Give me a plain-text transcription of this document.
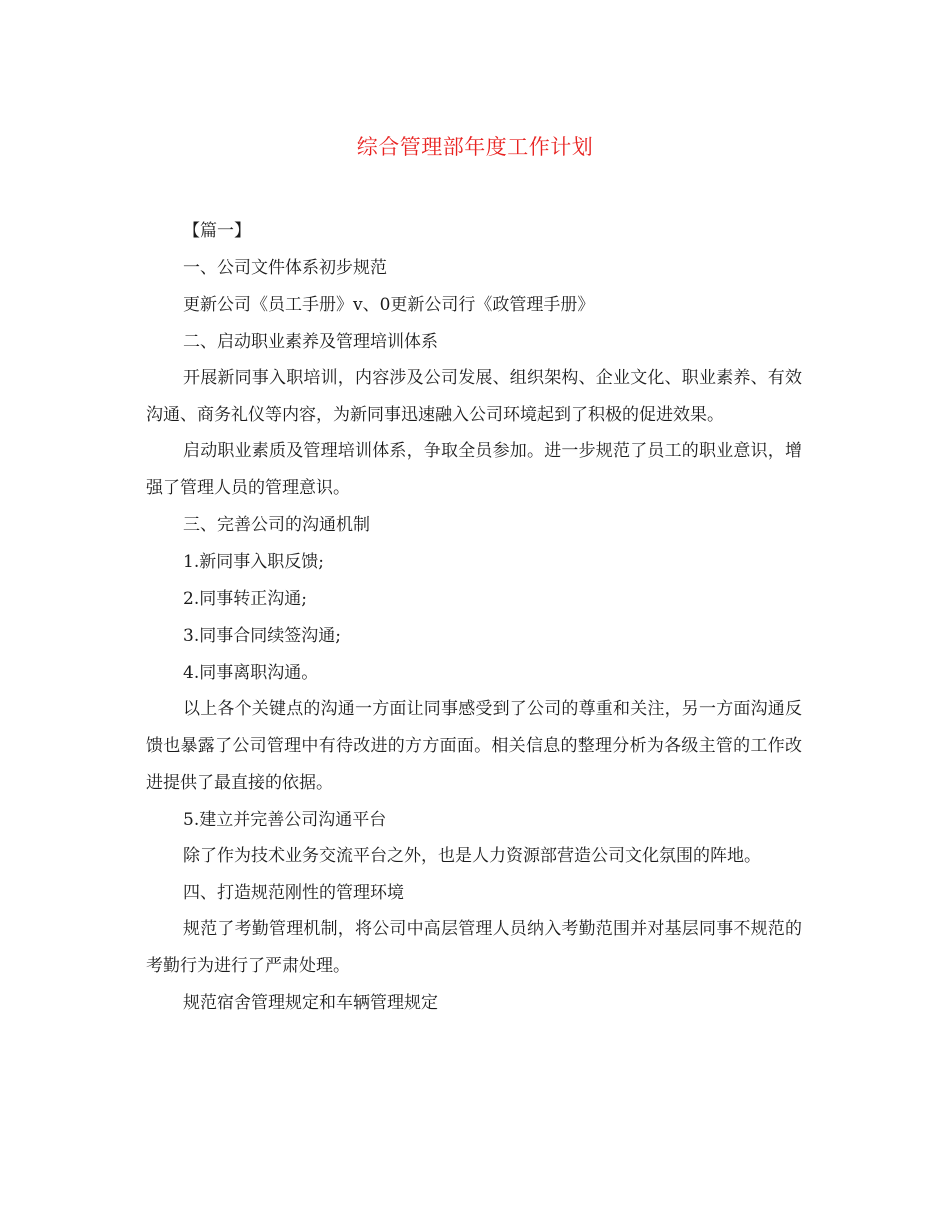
综合管理部年度工作计划
【篇一】
一、公司文件体系初步规范
更新公司《员工手册》v、0更新公司行《政管理手册》
二、启动职业素养及管理培训体系
开展新同事入职培训，内容涉及公司发展、组织架构、企业文化、职业素养、有效沟通、商务礼仪等内容，为新同事迅速融入公司环境起到了积极的促进效果。
启动职业素质及管理培训体系，争取全员参加。进一步规范了员工的职业意识，增强了管理人员的管理意识。
三、完善公司的沟通机制
1.新同事入职反馈;
2.同事转正沟通;
3.同事合同续签沟通;
4.同事离职沟通。
以上各个关键点的沟通一方面让同事感受到了公司的尊重和关注，另一方面沟通反馈也暴露了公司管理中有待改进的方方面面。相关信息的整理分析为各级主管的工作改进提供了最直接的依据。
5.建立并完善公司沟通平台
除了作为技术业务交流平台之外，也是人力资源部营造公司文化氛围的阵地。
四、打造规范刚性的管理环境
规范了考勤管理机制，将公司中高层管理人员纳入考勤范围并对基层同事不规范的考勤行为进行了严肃处理。
规范宿舍管理规定和车辆管理规定
